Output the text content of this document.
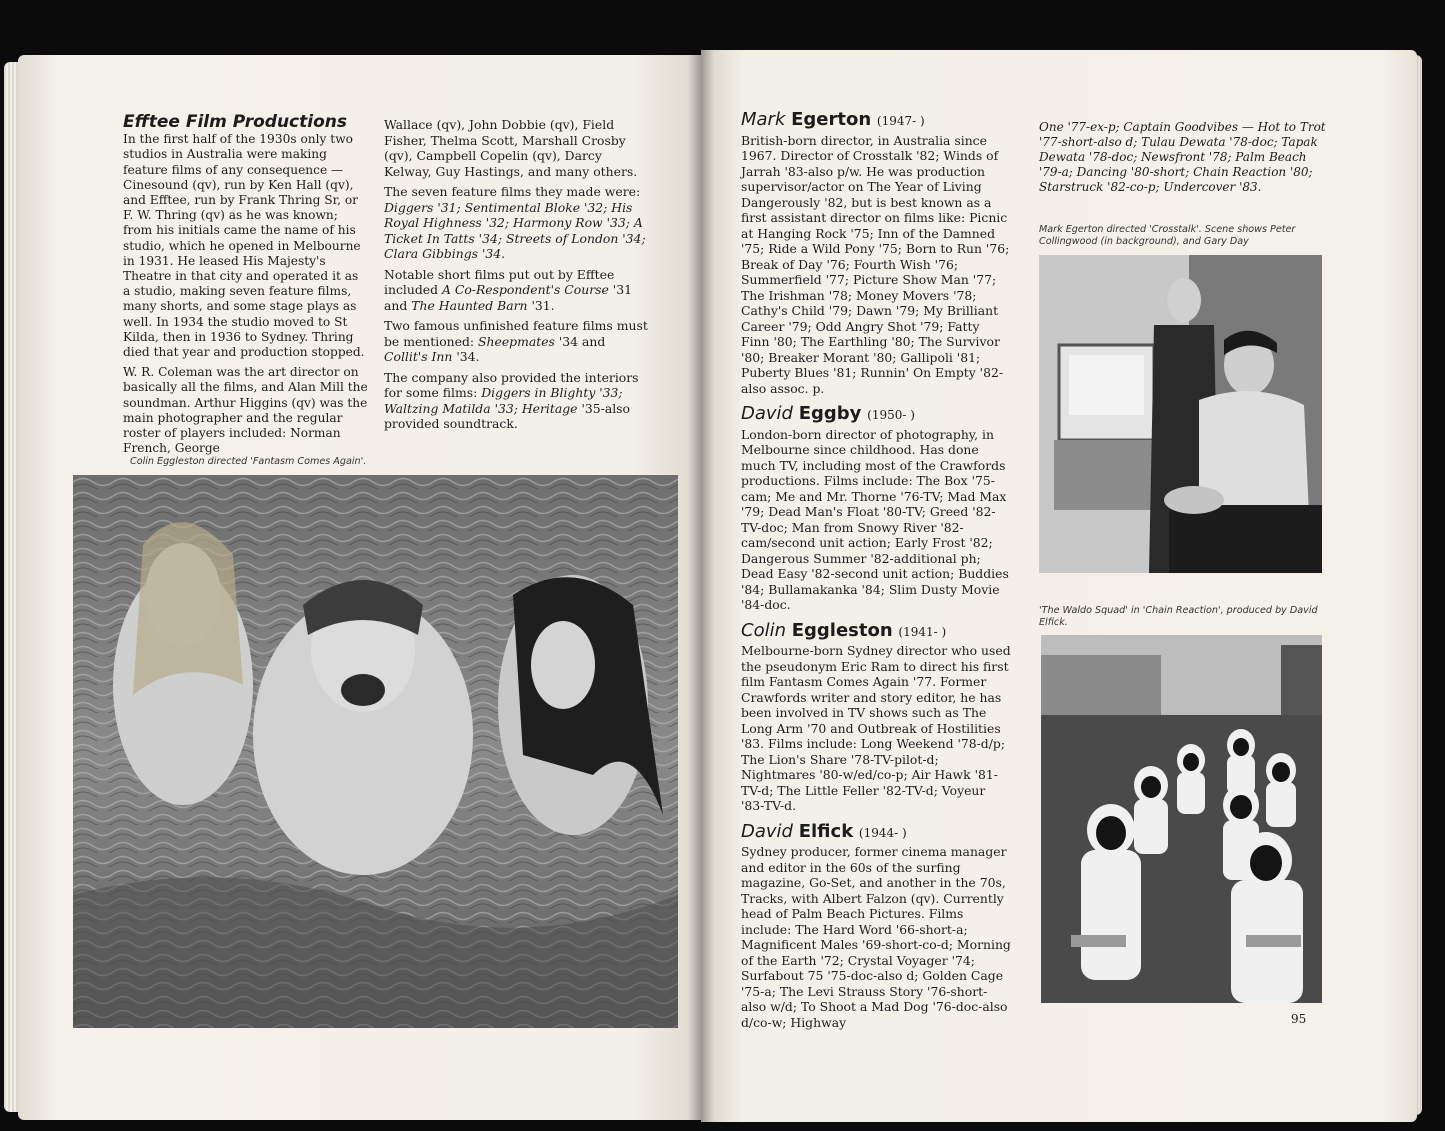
Efftee Film Productions

In the first half of the 1930s only two studios in Australia were making feature films of any consequence — Cinesound (qv), run by Ken Hall (qv), and Efftee, run by Frank Thring Sr, or F. W. Thring (qv) as he was known; from his initials came the name of his studio, which he opened in Melbourne in 1931. He leased His Majesty's Theatre in that city and operated it as a studio, making seven feature films, many shorts, and some stage plays as well. In 1934 the studio moved to St Kilda, then in 1936 to Sydney. Thring died that year and production stopped.

W. R. Coleman was the art director on basically all the films, and Alan Mill the soundman. Arthur Higgins (qv) was the main photographer and the regular roster of players included: Norman French, George

Wallace (qv), John Dobbie (qv), Field Fisher, Thelma Scott, Marshall Crosby (qv), Campbell Copelin (qv), Darcy Kelway, Guy Hastings, and many others.

The seven feature films they made were: Diggers '31; Sentimental Bloke '32; His Royal Highness '32; Harmony Row '33; A Ticket In Tatts '34; Streets of London '34; Clara Gibbings '34.

Notable short films put out by Efftee included A Co-Respondent's Course '31 and The Haunted Barn '31.

Two famous unfinished feature films must be mentioned: Sheepmates '34 and Collit's Inn '34.

The company also provided the interiors for some films: Diggers in Blighty '33; Waltzing Matilda '33; Heritage '35-also provided soundtrack.

Colin Eggleston directed 'Fantasm Comes Again'.
Mark Egerton (1947- )

British-born director, in Australia since 1967. Director of Crosstalk '82; Winds of Jarrah '83-also p/w. He was production supervisor/actor on The Year of Living Dangerously '82, but is best known as a first assistant director on films like: Picnic at Hanging Rock '75; Inn of the Damned '75; Ride a Wild Pony '75; Born to Run '76; Break of Day '76; Fourth Wish '76; Summerfield '77; Picture Show Man '77; The Irishman '78; Money Movers '78; Cathy's Child '79; Dawn '79; My Brilliant Career '79; Odd Angry Shot '79; Fatty Finn '80; The Earthling '80; The Survivor '80; Breaker Morant '80; Gallipoli '81; Puberty Blues '81; Runnin' On Empty '82-also assoc. p.

David Eggby (1950- )

London-born director of photography, in Melbourne since childhood. Has done much TV, including most of the Crawfords productions. Films include: The Box '75-cam; Me and Mr. Thorne '76-TV; Mad Max '79; Dead Man's Float '80-TV; Greed '82-TV-doc; Man from Snowy River '82-cam/second unit action; Early Frost '82; Dangerous Summer '82-additional ph; Dead Easy '82-second unit action; Buddies '84; Bullamakanka '84; Slim Dusty Movie '84-doc.

Colin Eggleston (1941- )

Melbourne-born Sydney director who used the pseudonym Eric Ram to direct his first film Fantasm Comes Again '77. Former Crawfords writer and story editor, he has been involved in TV shows such as The Long Arm '70 and Outbreak of Hostilities '83. Films include: Long Weekend '78-d/p; The Lion's Share '78-TV-pilot-d; Nightmares '80-w/ed/co-p; Air Hawk '81-TV-d; The Little Feller '82-TV-d; Voyeur '83-TV-d.

David Elfick (1944- )

Sydney producer, former cinema manager and editor in the 60s of the surfing magazine, Go-Set, and another in the 70s, Tracks, with Albert Falzon (qv). Currently head of Palm Beach Pictures. Films include: The Hard Word '66-short-a; Magnificent Males '69-short-co-d; Morning of the Earth '72; Crystal Voyager '74; Surfabout 75 '75-doc-also d; Golden Cage '75-a; The Levi Strauss Story '76-short-also w/d; To Shoot a Mad Dog '76-doc-also d/co-w; Highway

One '77-ex-p; Captain Goodvibes — Hot to Trot '77-short-also d; Tulau Dewata '78-doc; Tapak Dewata '78-doc; Newsfront '78; Palm Beach '79-a; Dancing '80-short; Chain Reaction '80; Starstruck '82-co-p; Undercover '83.

Mark Egerton directed 'Crosstalk'. Scene shows Peter Collingwood (in background), and Gary Day
'The Waldo Squad' in 'Chain Reaction', produced by David Elfick.
95
